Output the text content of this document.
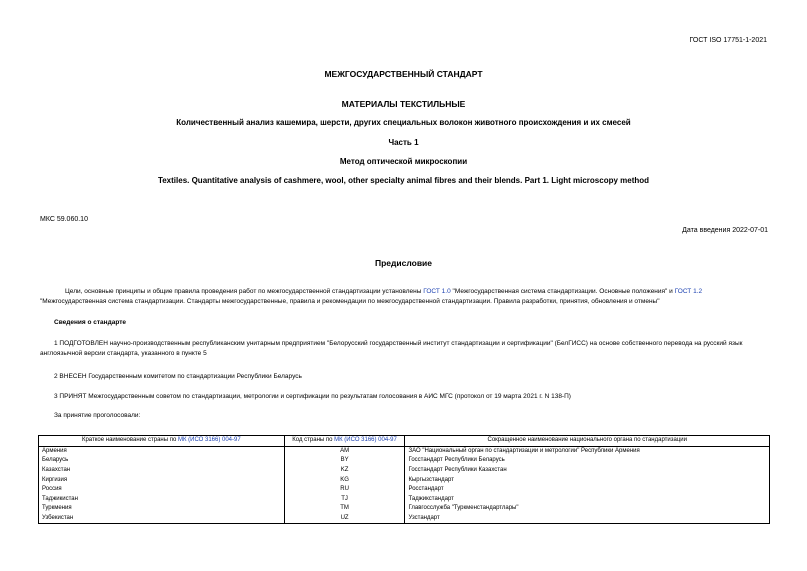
ГОСТ ISO 17751-1-2021
МЕЖГОСУДАРСТВЕННЫЙ СТАНДАРТ
МАТЕРИАЛЫ ТЕКСТИЛЬНЫЕ
Количественный анализ кашемира, шерсти, других специальных волокон животного происхождения и их смесей
Часть 1
Метод оптической микроскопии
Textiles. Quantitative analysis of cashmere, wool, other specialty animal fibres and their blends. Part 1. Light microscopy method
МКС 59.060.10
Дата введения 2022-07-01
Предисловие
Цели, основные принципы и общие правила проведения работ по межгосударственной стандартизации установлены ГОСТ 1.0 "Межгосударственная система стандартизации. Основные положения" и ГОСТ 1.2 "Межгосударственная система стандартизации. Стандарты межгосударственные, правила и рекомендации по межгосударственной стандартизации. Правила разработки, принятия, обновления и отмены"
Сведения о стандарте
1 ПОДГОТОВЛЕН научно-производственным республиканским унитарным предприятием "Белорусский государственный институт стандартизации и сертификации" (БелГИСС) на основе собственного перевода на русский язык англоязычной версии стандарта, указанного в пункте 5
2 ВНЕСЕН Государственным комитетом по стандартизации Республики Беларусь
3 ПРИНЯТ Межгосударственным советом по стандартизации, метрологии и сертификации по результатам голосования в АИС МГС (протокол от 19 марта 2021 г. N 138-П)
За принятие проголосовали:
Краткое наименование страны по МК (ИСО 3166) 004-97	Код страны по МК (ИСО 3166) 004-97	Сокращенное наименование национального органа по стандартизации
Армения	AM	ЗАО "Национальный орган по стандартизации и метрологии" Республики Армения
Беларусь	BY	Госстандарт Республики Беларусь
Казахстан	KZ	Госстандарт Республики Казахстан
Киргизия	KG	Кыргызстандарт
Россия	RU	Росстандарт
Таджикистан	TJ	Таджикстандарт
Туркмения	TM	Главгосслужба "Туркменстандартлары"
Узбекистан	UZ	Узстандарт
